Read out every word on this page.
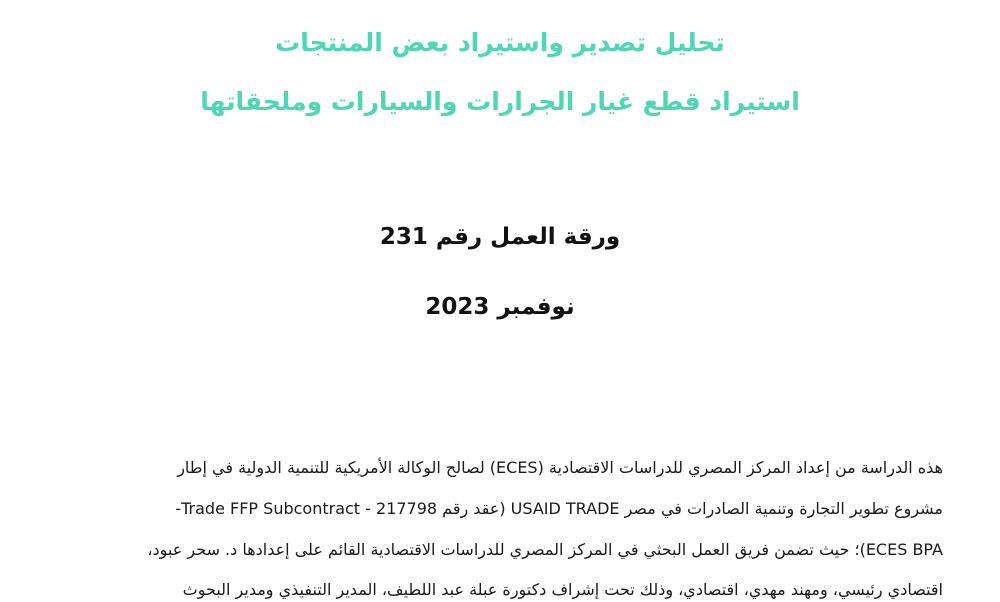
تحليل تصدير واستيراد بعض المنتجات
استيراد قطع غيار الجرارات والسيارات وملحقاتها
ورقة العمل رقم 231
نوفمبر 2023
هذه الدراسة من إعداد المركز المصري للدراسات الاقتصادية (ECES) لصالح الوكالة الأمريكية للتنمية الدولية في إطار
مشروع تطوير التجارة وتنمية الصادرات في مصر USAID TRADE (عقد رقم 217798 - Trade FFP Subcontract-
ECES BPA)؛ حيث تضمن فريق العمل البحثي في المركز المصري للدراسات الاقتصادية القائم على إعدادها د. سحر عبود،
اقتصادي رئيسي، ومهند مهدي، اقتصادي، وذلك تحت إشراف دكتورة عبلة عبد اللطيف، المدير التنفيذي ومدير البحوث
